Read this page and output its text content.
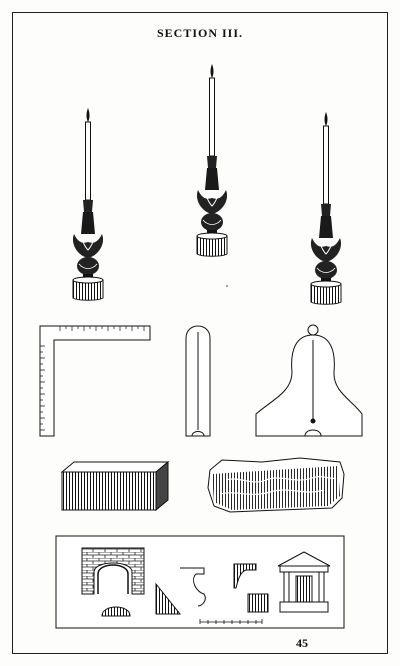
SECTION III.
45
